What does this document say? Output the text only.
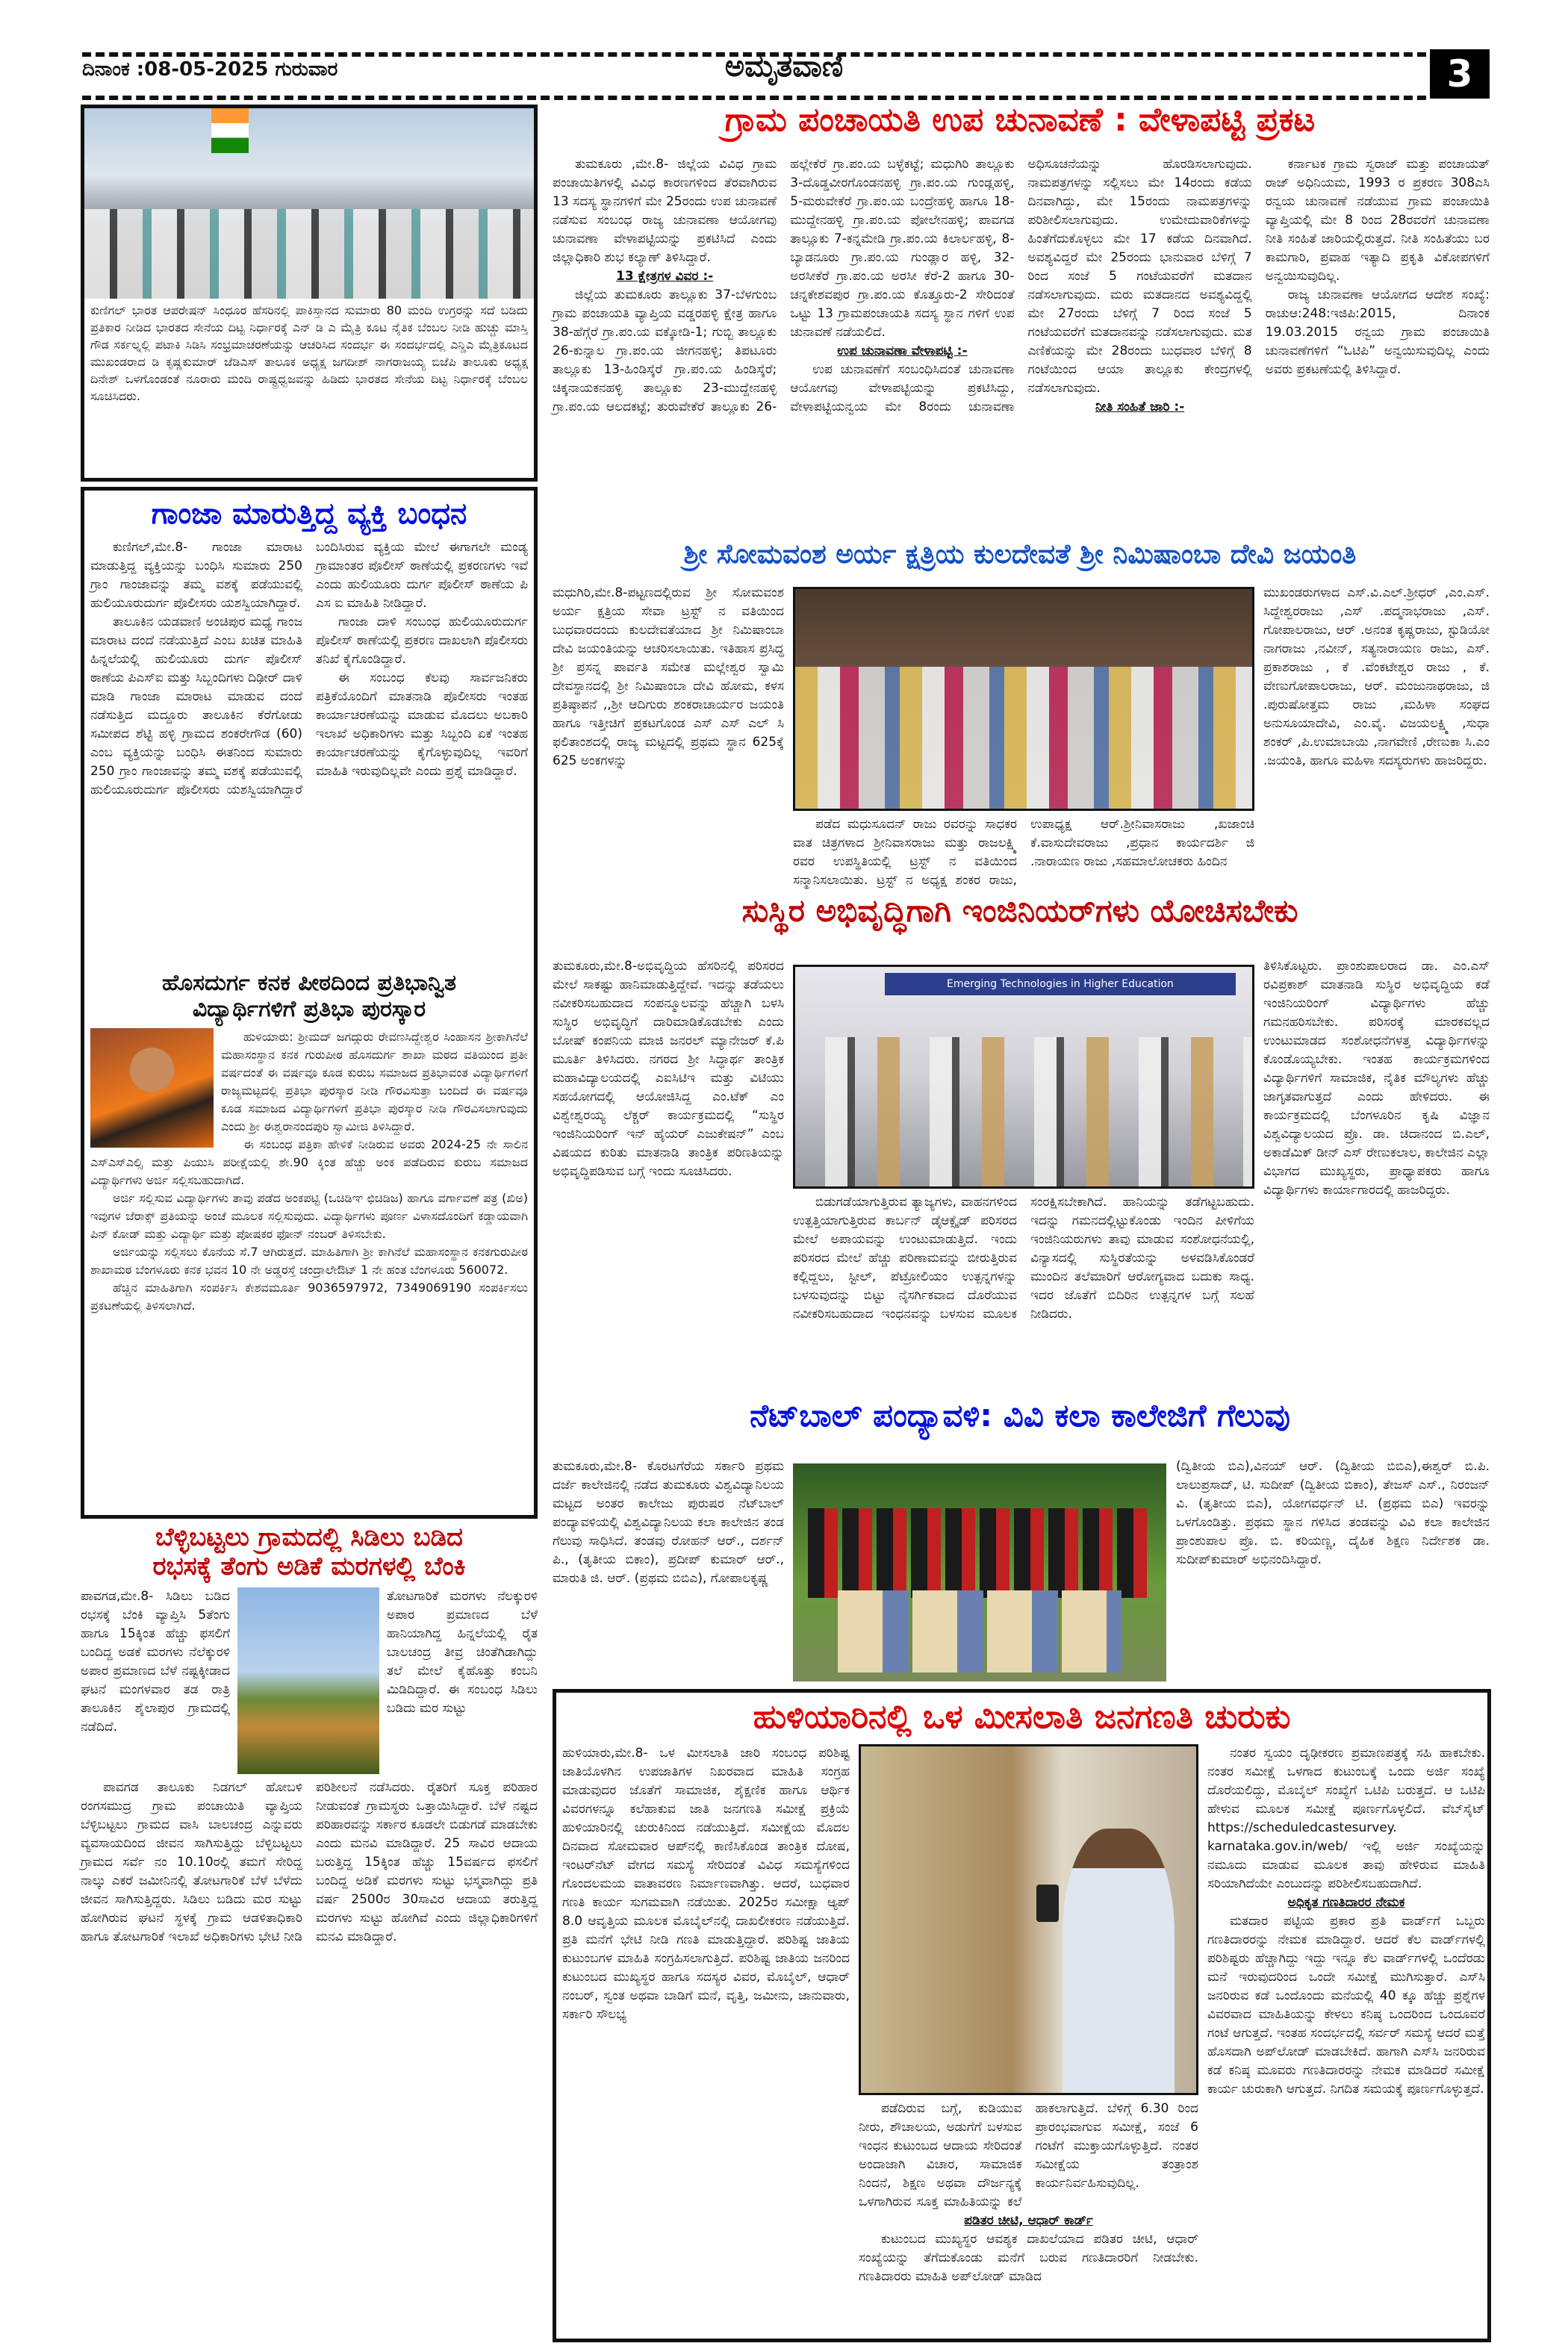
ದಿನಾಂಕ :08-05-2025 ಗುರುವಾರ	ಅಮೃತವಾಣಿ	3
ಕುಣಿಗಲ್ ಭಾರತ ಆಪರೇಷನ್ ಸಿಂಧೂರ ಹೆಸರಿನಲ್ಲಿ ಪಾಕಿಸ್ತಾನದ ಸುಮಾರು 80 ಮಂದಿ ಉಗ್ರರನ್ನು ಸದೆ ಬಡಿದು ಪ್ರತಿಕಾರ ನೀಡಿದ ಭಾರತದ ಸೇನೆಯ ದಿಟ್ಟ ನಿರ್ಧಾರಕ್ಕೆ ಎನ್ ಡಿ ಎ ಮೈತ್ರಿ ಕೂಟ ನೈತಿಕ ಬೆಂಬಲ ನೀಡಿ ಹುಚ್ಚು ಮಾಸ್ತಿ ಗೌಡ ಸರ್ಕಲ್ನಲ್ಲಿ ಪಟಾಕಿ ಸಿಡಿಸಿ ಸಂಭ್ರಮಾಚರಣೆಯನ್ನು ಆಚರಿಸಿದ ಸಂದರ್ಭ ಈ ಸಂದರ್ಭದಲ್ಲಿ ಎನ್ಡಿಎ ಮೈತ್ರಿಕೂಟದ ಮುಖಂಡರಾದ ಡಿ ಕೃಷ್ಣಕುಮಾರ್ ಜೆಡಿಎಸ್ ತಾಲೂಕ ಅಧ್ಯಕ್ಷ ಜಗದೀಶ್ ನಾಗರಾಜಯ್ಯ ಬಿಜೆಪಿ ತಾಲೂಕು ಅಧ್ಯಕ್ಷ ದಿನೇಶ್ ಒಳಗೊಂಡಂತೆ ನೂರಾರು ಮಂದಿ ರಾಷ್ಟ್ರಧ್ವಜವನ್ನು ಹಿಡಿದು ಭಾರತದ ಸೇನೆಯ ದಿಟ್ಟ ನಿರ್ಧಾರಕ್ಕೆ ಬೆಂಬಲ ಸೂಚಿಸಿದರು.
ಗಾಂಜಾ ಮಾರುತ್ತಿದ್ದ ವ್ಯಕ್ತಿ ಬಂಧನ

ಕುಣಿಗಲ್,ಮೇ.8- ಗಾಂಜಾ ಮಾರಾಟ ಮಾಡುತ್ತಿದ್ದ ವ್ಯಕ್ತಿಯನ್ನು ಬಂಧಿಸಿ ಸುಮಾರು 250 ಗ್ರಾಂ ಗಾಂಜಾವನ್ನು ತಮ್ಮ ವಶಕ್ಕೆ ಪಡೆಯುವಲ್ಲಿ ಹುಲಿಯೂರುದುರ್ಗ ಪೊಲೀಸರು ಯಶಸ್ವಿಯಾಗಿದ್ದಾರೆ.

ತಾಲೂಕಿನ ಯಡವಾಣಿ ಅಂಚಿಪುರ ಮಧ್ಯೆ ಗಾಂಜ ಮಾರಾಟ ದಂದೆ ನಡೆಯುತ್ತಿದೆ ಎಂಬ ಖಚಿತ ಮಾಹಿತಿ ಹಿನ್ನಲೆಯಲ್ಲಿ ಹುಲಿಯೂರು ದುರ್ಗ ಪೊಲೀಸ್ ಠಾಣೆಯ ಪಿಎಸ್ಐ ಮತ್ತು ಸಿಬ್ಬಂದಿಗಳು ದಿಢೀರ್ ದಾಳಿ ಮಾಡಿ ಗಾಂಜಾ ಮಾರಾಟ ಮಾಡುವ ದಂದೆ ನಡೆಸುತ್ತಿದ ಮದ್ದೂರು ತಾಲೂಕಿನ ಕೆರೆಗೋಡು ಸಮೀಪದ ಶೆಟ್ಟಿ ಹಳ್ಳಿ ಗ್ರಾಮದ ಶಂಕರೇಗೌಡ (60) ಎಂಬ ವ್ಯಕ್ತಿಯನ್ನು ಬಂಧಿಸಿ ಈತನಿಂದ ಸುಮಾರು 250 ಗ್ರಾಂ ಗಾಂಜಾವನ್ನು ತಮ್ಮ ವಶಕ್ಕೆ ಪಡೆಯುವಲ್ಲಿ ಹುಲಿಯೂರುದುರ್ಗ ಪೊಲೀಸರು ಯಶಸ್ವಿಯಾಗಿದ್ದಾರೆ ಬಂದಿಸಿರುವ ವ್ಯಕ್ತಿಯ ಮೇಲೆ ಈಗಾಗಲೇ ಮಂಡ್ಯ ಗ್ರಾಮಾಂತರ ಪೊಲೀಸ್ ಠಾಣೆಯಲ್ಲಿ ಪ್ರಕರಣಗಳು ಇವೆ ಎಂದು ಹುಲಿಯೂರು ದುರ್ಗ ಪೊಲೀಸ್ ಠಾಣೆಯ ಪಿ ಎಸ ಐ ಮಾಹಿತಿ ನೀಡಿದ್ದಾರೆ.

ಗಾಂಜಾ ದಾಳಿ ಸಂಬಂಧ ಹುಲಿಯೂರುದುರ್ಗ ಪೊಲೀಸ್ ಠಾಣೆಯಲ್ಲಿ ಪ್ರಕರಣ ದಾಖಲಾಗಿ ಪೊಲೀಸರು ತನಿಖೆ ಕೈಗೊಂಡಿದ್ದಾರೆ.

ಈ ಸಂಬಂಧ ಕೆಲವು ಸಾರ್ವಜನಿಕರು ಪತ್ರಿಕೆಯೊಂದಿಗೆ ಮಾತನಾಡಿ ಪೊಲೀಸರು ಇಂತಹ ಕಾರ್ಯಾಚರಣೆಯನ್ನು ಮಾಡುವ ಮೊದಲು ಅಬಕಾರಿ ಇಲಾಖೆ ಅಧಿಕಾರಿಗಳು ಮತ್ತು ಸಿಬ್ಬಂದಿ ಏಕೆ ಇಂತಹ ಕಾರ್ಯಾಚರಣೆಯನ್ನು ಕೈಗೊಳ್ಳುವುದಿಲ್ಲ ಇವರಿಗೆ ಮಾಹಿತಿ ಇರುವುದಿಲ್ಲವೇ ಎಂದು ಪ್ರಶ್ನೆ ಮಾಡಿದ್ದಾರೆ.

ಹೊಸದುರ್ಗ ಕನಕ ಪೀಠದಿಂದ ಪ್ರತಿಭಾನ್ವಿತ
ವಿದ್ಯಾರ್ಥಿಗಳಿಗೆ ಪ್ರತಿಭಾ ಪುರಸ್ಕಾರ

ಹುಳಿಯಾರು: ಶ್ರೀಮದ್ ಜಗದ್ಗುರು ರೇವಣಸಿದ್ದೇಶ್ವರ ಸಿಂಹಾಸನ ಶ್ರೀಕಾಗಿನೆಲೆ ಮಹಾಸಂಸ್ಥಾನ ಕನಕ ಗುರುಪೀಠ ಹೊಸದುರ್ಗ ಶಾಖಾ ಮಠದ ವತಿಯಿಂದ ಪ್ರತೀ ವರ್ಷದಂತೆ ಈ ವರ್ಷವೂ ಕೂಡ ಕುರುಬ ಸಮಾಜದ ಪ್ರತಿಭಾವಂತ ವಿದ್ಯಾರ್ಥಿಗಳಿಗೆ ರಾಜ್ಯಮಟ್ಟದಲ್ಲಿ ಪ್ರತಿಭಾ ಪುರಸ್ಕಾರ ನೀಡಿ ಗೌರವಿಸುತ್ತಾ ಬಂದಿದೆ ಈ ವರ್ಷವೂ ಕೂಡ ಸಮಾಜದ ವಿದ್ಯಾರ್ಥಿಗಳಿಗೆ ಪ್ರತಿಭಾ ಪುರಸ್ಕಾರ ನೀಡಿ ಗೌರವಿಸಲಾಗುವುದು ಎಂದು ಶ್ರೀ ಈಶ್ವರಾನಂದಪುರಿ ಸ್ವಾಮೀಜಿ ತಿಳಿಸಿದ್ದಾರೆ.

ಈ ಸಂಬಂಧ ಪತ್ರಿಕಾ ಹೇಳಿಕೆ ನೀಡಿರುವ ಅವರು 2024-25 ನೇ ಸಾಲಿನ ಎಸ್ಎಸ್ಎಲ್ಸಿ ಮತ್ತು ಪಿಯುಸಿ ಪರೀಕ್ಷೆಯಲ್ಲಿ ಶೇ.90 ಕ್ಕಿಂತ ಹೆಚ್ಚು ಅಂಕ ಪಡೆದಿರುವ ಕುರುಬ ಸಮಾಜದ ವಿದ್ಯಾರ್ಥಿಗಳು ಅರ್ಜಿ ಸಲ್ಲಿಸಬಹುದಾಗಿದೆ.

ಅರ್ಜಿ ಸಲ್ಲಿಸುವ ವಿದ್ಯಾರ್ಥಿಗಳು ತಾವು ಪಡೆದ ಅಂಕಪಟ್ಟಿ (ಒಚಿಡಿಞ ಛಿಚಿಡಿಜ) ಹಾಗೂ ವರ್ಗಾವಣೆ ಪತ್ರ (ಖಿಅ) ಇವುಗಳ ಜೆರಾಕ್ಸ್ ಪ್ರತಿಯನ್ನು ಅಂಚೆ ಮೂಲಕ ಸಲ್ಲಿಸುವುದು. ವಿದ್ಯಾರ್ಥಿಗಳು ಪೂರ್ಣ ವಿಳಾಸದೊಂದಿಗೆ ಕಡ್ಡಾಯವಾಗಿ ಪಿನ್ ಕೋಡ್ ಮತ್ತು ವಿದ್ಯಾರ್ಥಿ ಮತ್ತು ಪೋಷಕರ ಫೋನ್ ನಂಬರ್ ತಿಳಿಸಬೇಕು.

ಅರ್ಜಿಯನ್ನು ಸಲ್ಲಿಸಲು ಕೊನೆಯ ಸೆ.7 ಆಗಿರುತ್ತದೆ. ಮಾಹಿತಿಗಾಗಿ ಶ್ರೀ ಕಾಗಿನೆಲೆ ಮಹಾಸಂಸ್ಥಾನ ಕನಕಗುರುಪೀಠ ಶಾಖಾಮಠ ಬೆಂಗಳೂರು ಕನಕ ಭವನ 10 ನೇ ಅಡ್ಡರಸ್ತೆ ಚಂದ್ರಾಲೇಔಟ್ 1 ನೇ ಹಂತ ಬೆಂಗಳೂರು 560072.

ಹೆಚ್ಚಿನ ಮಾಹಿತಿಗಾಗಿ ಸಂಪರ್ಕಿಸಿ ಕೇಶವಮೂರ್ತಿ 9036597972, 7349069190 ಸಂಪರ್ಕಿಸಲು ಪ್ರಕಟಣೆಯಲ್ಲಿ ತಿಳಿಸಲಾಗಿದೆ.

ಬೆಳ್ಳಿಬಟ್ಟಲು ಗ್ರಾಮದಲ್ಲಿ ಸಿಡಿಲು ಬಡಿದ
ರಭಸಕ್ಕೆ ತೆಂಗು ಅಡಿಕೆ ಮರಗಳಲ್ಲಿ ಬೆಂಕಿ
ಪಾವಗಡ,ಮೇ.8- ಸಿಡಿಲು ಬಡಿದ ರಭಸಕ್ಕೆ ಬೆಂಕಿ ವ್ಯಾಪ್ತಿಸಿ 5ತೆಂಗು ಹಾಗೂ 15ಕ್ಕಿಂತ ಹೆಚ್ಚು ಫಸಲಿಗೆ ಬಂದಿದ್ದ ಅಡಕೆ ಮರಗಳು ನೆಲೆಕ್ಕುರಳಿ ಅಪಾರ ಪ್ರಮಾಣದ ಬೆಳೆ ನಷ್ಟಕ್ಕೀಡಾದ ಘಟನೆ ಮಂಗಳವಾರ ತಡ ರಾತ್ರಿ ತಾಲೂಕಿನ ಶೈಲಾಪುರ ಗ್ರಾಮದಲ್ಲಿ ನಡೆದಿದೆ.
ತೋಟಗಾರಿಕೆ ಮರಗಳು ನೆಲಕ್ಕುರಳಿ ಅಪಾರ ಪ್ರಮಾಣದ ಬೆಳೆ ಹಾನಿಯಾಗಿದ್ದ ಹಿನ್ನಲೆಯಲ್ಲಿ ರೈತ ಬಾಲಚಂದ್ರ ತೀವ್ರ ಚಿಂತೆಗಿಡಾಗಿದ್ದು ತಲೆ ಮೇಲೆ ಕೈಹೊತ್ತು ಕಂಬನಿ ಮಿಡಿದಿದ್ದಾರೆ. ಈ ಸಂಬಂಧ ಸಿಡಿಲು ಬಡಿದು ಮರ ಸುಟ್ಟು

ಪಾವಗಡ ತಾಲೂಕು ನಿಡಗಲ್ ಹೋಬಳಿ ರಂಗಸಮುದ್ರ ಗ್ರಾಮ ಪಂಚಾಯಿತಿ ವ್ಯಾಪ್ತಿಯ ಬೆಳ್ಳಿಬಟ್ಟಲು ಗ್ರಾಮದ ವಾಸಿ ಬಾಲಚಂದ್ರ ಎನ್ನುವರು ವ್ಯವಸಾಯದಿಂದ ಜೀವನ ಸಾಗಿಸುತ್ತಿದ್ದು ಬೆಳ್ಳಿಬಟ್ಟಲು ಗ್ರಾಮದ ಸರ್ವೆ ನಂ 10.10ರಲ್ಲಿ ತಮಗೆ ಸೇರಿದ್ದ ನಾಲ್ಕು ಎಕರೆ ಜಮೀನಿನಲ್ಲಿ ತೋಟಗಾರಿಕೆ ಬೆಳೆ ಬೆಳೆದು ಜೀವನ ಸಾಗಿಸುತ್ತಿದ್ದರು. ಸಿಡಿಲು ಬಡಿದು ಮರ ಸುಟ್ಟು ಹೋಗಿರುವ ಘಟನೆ ಸ್ಥಳಕ್ಕೆ ಗ್ರಾಮ ಆಡಳಿತಾಧಿಕಾರಿ ಹಾಗೂ ತೋಟಗಾರಿಕೆ ಇಲಾಖೆ ಅಧಿಕಾರಿಗಳು ಭೇಟಿ ನೀಡಿ ಪರಿಶೀಲನೆ ನಡೆಸಿದರು. ರೈತರಿಗೆ ಸೂಕ್ತ ಪರಿಹಾರ ನೀಡುವಂತೆ ಗ್ರಾಮಸ್ಥರು ಒತ್ತಾಯಿಸಿದ್ದಾರೆ. ಬೆಳೆ ನಷ್ಟದ ಪರಿಹಾರವನ್ನು ಸರ್ಕಾರ ಕೂಡಲೇ ಬಿಡುಗಡೆ ಮಾಡಬೇಕು ಎಂದು ಮನವಿ ಮಾಡಿದ್ದಾರೆ. 25 ಸಾವಿರ ಆದಾಯ ಬರುತ್ತಿದ್ದ 15ಕ್ಕಿಂತ ಹೆಚ್ಚು 15ವರ್ಷದ ಫಸಲಿಗೆ ಬಂದಿದ್ದ ಅಡಿಕೆ ಮರಗಳು ಸುಟ್ಟು ಭಸ್ಮವಾಗಿದ್ದು ಪ್ರತಿ ವರ್ಷ 2500ರ 30ಸಾವಿರ ಆದಾಯ ತರುತ್ತಿದ್ದ ಮರಗಳು ಸುಟ್ಟು ಹೋಗಿವೆ ಎಂದು ಜಿಲ್ಲಾಧಿಕಾರಿಗಳಿಗೆ ಮನವಿ ಮಾಡಿದ್ದಾರೆ.

ಗ್ರಾಮ ಪಂಚಾಯತಿ ಉಪ ಚುನಾವಣೆ : ವೇಳಾಪಟ್ಟಿ ಪ್ರಕಟ

ತುಮಕೂರು ,ಮೇ.8- ಜಿಲ್ಲೆಯ ವಿವಿಧ ಗ್ರಾಮ ಪಂಚಾಯಿತಿಗಳಲ್ಲಿ ವಿವಿಧ ಕಾರಣಗಳಿಂದ ತೆರವಾಗಿರುವ 13 ಸದಸ್ಯ ಸ್ಥಾನಗಳಿಗೆ ಮೇ 25ರಂದು ಉಪ ಚುನಾವಣೆ ನಡೆಸುವ ಸಂಬಂಧ ರಾಜ್ಯ ಚುನಾವಣಾ ಆಯೋಗವು ಚುನಾವಣಾ ವೇಳಾಪಟ್ಟಿಯನ್ನು ಪ್ರಕಟಿಸಿದೆ ಎಂದು ಜಿಲ್ಲಾಧಿಕಾರಿ ಶುಭ ಕಲ್ಯಾಣ್ ತಿಳಿಸಿದ್ದಾರೆ.

13 ಕ್ಷೇತ್ರಗಳ ವಿವರ :-

ಜಿಲ್ಲೆಯ ತುಮಕೂರು ತಾಲ್ಲೂಕು 37-ಬೆಳಗುಂಬ ಗ್ರಾಮ ಪಂಚಾಯತಿ ವ್ಯಾಪ್ತಿಯ ವಡ್ಡರಹಳ್ಳಿ ಕ್ಷೇತ್ರ ಹಾಗೂ 38-ಹೆಗ್ಗೆರೆ ಗ್ರಾ.ಪಂ.ಯ ವಕ್ಕೋಡಿ-1; ಗುಬ್ಬಿ ತಾಲ್ಲೂಕು 26-ಕುನ್ನಾಲ ಗ್ರಾ.ಪಂ.ಯ ಜೀಗನಹಳ್ಳಿ; ತಿಪಟೂರು ತಾಲ್ಲೂಕು 13-ಹಿಂಡಿಸ್ಕೆರೆ ಗ್ರಾ.ಪಂ.ಯ ಹಿಂಡಿಸ್ಕೆರೆ; ಚಿಕ್ಕನಾಯಕನಹಳ್ಳಿ ತಾಲ್ಲೂಕು 23-ಮುದ್ದೇನಹಳ್ಳಿ ಗ್ರಾ.ಪಂ.ಯ ಆಲದಕಟ್ಟೆ; ತುರುವೇಕೆರೆ ತಾಲ್ಲೂಕು 26-ಹಲ್ಲೇಕೆರೆ ಗ್ರಾ.ಪಂ.ಯ ಬಳ್ಳೆಕಟ್ಟೆ; ಮಧುಗಿರಿ ತಾಲ್ಲೂಕು 3-ದೊಡ್ಡವೀರಗೊಂಡನಹಳ್ಳಿ ಗ್ರಾ.ಪಂ.ಯ ಗುಂಡ್ಲಹಳ್ಳಿ, 5-ಮರುವೇಕೆರೆ ಗ್ರಾ.ಪಂ.ಯ ಬಂದ್ರೇಹಳ್ಳಿ ಹಾಗೂ 18-ಮುದ್ದೇನಹಳ್ಳಿ ಗ್ರಾ.ಪಂ.ಯ ಪೋಲೇನಹಳ್ಳಿ; ಪಾವಗಡ ತಾಲ್ಲೂಕು 7-ಕನ್ನಮೇಡಿ ಗ್ರಾ.ಪಂ.ಯ ಕಿಲಾರ್ಲಹಳ್ಳಿ, 8-ಬ್ಯಾಡನೂರು ಗ್ರಾ.ಪಂ.ಯ ಗುಂಡ್ಲಾರ ಹಳ್ಳಿ, 32-ಅರಸೀಕೆರೆ ಗ್ರಾ.ಪಂ.ಯ ಅರಸೀ ಕೆರೆ-2 ಹಾಗೂ 30-ಚನ್ನಕೇಶವಪುರ ಗ್ರಾ.ಪಂ.ಯ ಕೊತ್ತೂರು-2 ಸೇರಿದಂತೆ ಒಟ್ಟು 13 ಗ್ರಾಮಪಂಚಾಯತಿ ಸದಸ್ಯ ಸ್ಥಾನ ಗಳಿಗೆ ಉಪ ಚುನಾವಣೆ ನಡೆಯಲಿದೆ.

ಉಪ ಚುನಾವಣಾ ವೇಳಾಪಟ್ಟಿ :-

ಉಪ ಚುನಾವಣೆಗೆ ಸಂಬಂಧಿಸಿದಂತೆ ಚುನಾವಣಾ ಆಯೋಗವು ವೇಳಾಪಟ್ಟಿಯನ್ನು ಪ್ರಕಟಿಸಿದ್ದು, ವೇಳಾಪಟ್ಟಿಯನ್ವಯ ಮೇ 8ರಂದು ಚುನಾವಣಾ ಅಧಿಸೂಚನೆಯನ್ನು ಹೊರಡಿಸಲಾಗುವುದು. ನಾಮಪತ್ರಗಳನ್ನು ಸಲ್ಲಿಸಲು ಮೇ 14ರಂದು ಕಡೆಯ ದಿನವಾಗಿದ್ದು, ಮೇ 15ರಂದು ನಾಮಪತ್ರಗಳನ್ನು ಪರಿಶೀಲಿಸಲಾಗುವುದು. ಉಮೇದುವಾರಿಕೆಗಳನ್ನು ಹಿಂತೆಗೆದುಕೊಳ್ಳಲು ಮೇ 17 ಕಡೆಯ ದಿನವಾಗಿದೆ. ಅವಶ್ಯವಿದ್ದರೆ ಮೇ 25ರಂದು ಭಾನುವಾರ ಬೆಳಿಗ್ಗೆ 7 ರಿಂದ ಸಂಜೆ 5 ಗಂಟೆಯವರೆಗೆ ಮತದಾನ ನಡೆಸಲಾಗುವುದು. ಮರು ಮತದಾನದ ಅವಶ್ಯವಿದ್ದಲ್ಲಿ ಮೇ 27ರಂದು ಬೆಳಿಗ್ಗೆ 7 ರಿಂದ ಸಂಜೆ 5 ಗಂಟೆಯವರೆಗೆ ಮತದಾನವನ್ನು ನಡೆಸಲಾಗುವುದು. ಮತ ಎಣಿಕೆಯನ್ನು ಮೇ 28ರಂದು ಬುಧವಾರ ಬೆಳಿಗ್ಗೆ 8 ಗಂಟೆಯಿಂದ ಆಯಾ ತಾಲ್ಲೂಕು ಕೇಂದ್ರಗಳಲ್ಲಿ ನಡೆಸಲಾಗುವುದು.

ನೀತಿ ಸಂಹಿತೆ ಜಾರಿ :-

ಕರ್ನಾಟಕ ಗ್ರಾಮ ಸ್ವರಾಜ್ ಮತ್ತು ಪಂಚಾಯತ್ ರಾಜ್ ಅಧಿನಿಯಮ, 1993 ರ ಪ್ರಕರಣ 308ಎಸಿ ರನ್ವಯ ಚುನಾವಣೆ ನಡೆಯುವ ಗ್ರಾಮ ಪಂಚಾಯಿತಿ ವ್ಯಾಪ್ತಿಯಲ್ಲಿ ಮೇ 8 ರಿಂದ 28ರವರೆಗೆ ಚುನಾವಣಾ ನೀತಿ ಸಂಹಿತೆ ಜಾರಿಯಲ್ಲಿರುತ್ತದೆ. ನೀತಿ ಸಂಹಿತೆಯು ಬರ ಕಾಮಗಾರಿ, ಪ್ರವಾಹ ಇತ್ಯಾದಿ ಪ್ರಕೃತಿ ವಿಕೋಪಗಳಿಗೆ ಅನ್ವಯಿಸುವುದಿಲ್ಲ.

ರಾಜ್ಯ ಚುನಾವಣಾ ಆಯೋಗದ ಆದೇಶ ಸಂಖ್ಯೆ: ರಾಚುಆ:248:ಇಜಿಪಿ:2015, ದಿನಾಂಕ 19.03.2015 ರನ್ವಯ ಗ್ರಾಮ ಪಂಚಾಯಿತಿ ಚುನಾವಣೆಗಳಿಗೆ “ಓಟಿಪಿ” ಅನ್ವಯಿಸುವುದಿಲ್ಲ ಎಂದು ಅವರು ಪ್ರಕಟಣೆಯಲ್ಲಿ ತಿಳಿಸಿದ್ದಾರೆ.

ಶ್ರೀ ಸೋಮವಂಶ ಅರ್ಯ ಕ್ಷತ್ರಿಯ ಕುಲದೇವತೆ ಶ್ರೀ ನಿಮಿಷಾಂಬಾ ದೇವಿ ಜಯಂತಿ
ಮಧುಗಿರಿ,ಮೇ.8-ಪಟ್ಟಣದಲ್ಲಿರುವ ಶ್ರೀ ಸೋಮವಂಶ ಅರ್ಯ ಕ್ಷತ್ರಿಯ ಸೇವಾ ಟ್ರಸ್ಟ್ ನ ವತಿಯಿಂದ ಬುಧವಾರದಂದು ಕುಲದೇವತೆಯಾದ ಶ್ರೀ ನಿಮಿಷಾಂಬಾ ದೇವಿ ಜಯಂತಿಯನ್ನು ಆಚರಿಸಲಾಯಿತು. ಇತಿಹಾಸ ಪ್ರಸಿದ್ಧ ಶ್ರೀ ಪ್ರಸನ್ನ ಪಾರ್ವತಿ ಸಮೇತ ಮಲ್ಲೇಶ್ವರ ಸ್ವಾಮಿ ದೇವಸ್ಥಾನದಲ್ಲಿ ಶ್ರೀ ನಿಮಿಷಾಂಬಾ ದೇವಿ ಹೋಮ, ಕಳಸ ಪ್ರತಿಷ್ಠಾಪನೆ ,,ಶ್ರೀ ಆದಿಗುರು ಶಂಕರಾಚಾರ್ಯರ ಜಯಂತಿ ಹಾಗೂ ಇತ್ತೀಚಿಗೆ ಪ್ರಕಟಗೊಂಡ ಎಸ್ ಎಸ್ ಎಲ್ ಸಿ ಫಲಿತಾಂಶದಲ್ಲಿ ರಾಜ್ಯ ಮಟ್ಟದಲ್ಲಿ ಪ್ರಥಮ ಸ್ಥಾನ 625ಕ್ಕೆ 625 ಅಂಕಗಳನ್ನು

ಪಡೆದ ಮಧುಸೂದನ್ ರಾಜು ರವರನ್ನು ಸಾಧಕರ ವಾತ ಚಿತ್ರಗಳಾದ ಶ್ರೀನಿವಾಸರಾಜು ಮತ್ತು ರಾಜಲಕ್ಷ್ಮಿ ರವರ ಉಪಸ್ಥಿತಿಯಲ್ಲಿ ಟ್ರಸ್ಟ್ ನ ವತಿಯಿಂದ ಸನ್ಮಾನಿಸಲಾಯಿತು. ಟ್ರಸ್ಟ್ ನ ಅಧ್ಯಕ್ಷ ಶಂಕರ ರಾಜು, ಉಪಾಧ್ಯಕ್ಷ ಆರ್.ಶ್ರೀನಿವಾಸರಾಜು ,ಖಜಾಂಚಿ ಕೆ.ವಾಸುದೇವರಾಜು ,ಪ್ರಧಾನ ಕಾರ್ಯದರ್ಶಿ ಜಿ .ನಾರಾಯಣ ರಾಜು ,ಸಹಮಾಲೋಚಕರು ಹಿಂದಿನ

ಮುಖಂಡರುಗಳಾದ ಎಸ್.ವಿ.ಎಲ್.ಶ್ರೀಧರ್ ,ಎಂ.ಎಸ್. ಸಿದ್ದೇಶ್ವರರಾಜು ,ಎಸ್ .ಪದ್ಮನಾಭರಾಜು ,ಎಸ್. ಗೋಪಾಲರಾಜು, ಆರ್ .ಅನಂತ ಕೃಷ್ಣರಾಜು, ಸ್ಟುಡಿಯೋ ನಾಗರಾಜು ,ನವೀನ್, ಸತ್ಯನಾರಾಯಣ ರಾಜು, ಎಸ್. ಪ್ರಕಾಶರಾಜು , ಕೆ .ವೆಂಕಟೇಶ್ವರ ರಾಜು , ಕೆ. ವೇಣುಗೋಪಾಲರಾಜು, ಆರ್. ಮಂಜುನಾಥರಾಜು, ಜಿ .ಪುರುಷೋತ್ತಮ ರಾಜು ,ಮಹಿಳಾ ಸಂಘದ ಅನುಸೂಯಾದೇವಿ, ಎಂ.ವೈ. ವಿಜಯಲಕ್ಷ್ಮಿ ,ಸುಧಾ ಶಂಕರ್ ,ಪಿ.ಉಮಾಬಾಯಿ ,ನಾಗವೇಣಿ ,ರೇಣುಕಾ ಸಿ.ಎಂ .ಜಯಂತಿ, ಹಾಗೂ ಮಹಿಳಾ ಸದಸ್ಯರುಗಳು ಹಾಜರಿದ್ದರು.
ಸುಸ್ಥಿರ ಅಭಿವೃದ್ಧಿಗಾಗಿ ಇಂಜಿನಿಯರ್‌ಗಳು ಯೋಚಿಸಬೇಕು
ತುಮಕೂರು,ಮೇ.8-ಅಭಿವೃದ್ಧಿಯ ಹೆಸರಿನಲ್ಲಿ ಪರಿಸರದ ಮೇಲೆ ಸಾಕಷ್ಟು ಹಾನಿಮಾಡುತ್ತಿದ್ದೇವೆ. ಇದನ್ನು ತಡೆಯಲು ನವೀಕರಿಸಬಹುದಾದ ಸಂಪನ್ಮೂಲವನ್ನು ಹೆಚ್ಚಾಗಿ ಬಳಸಿ ಸುಸ್ಥಿರ ಅಭಿವೃದ್ಧಿಗೆ ದಾರಿಮಾಡಿಕೊಡಬೇಕು ಎಂದು ಬೋಷ್ ಕಂಪನಿಯ ಮಾಜಿ ಜನರಲ್ ಮ್ಯಾನೇಜರ್ ಕೆ.ಪಿ ಮೂರ್ತಿ ತಿಳಿಸಿದರು. ನಗರದ ಶ್ರೀ ಸಿದ್ಧಾರ್ಥ ತಾಂತ್ರಿಕ ಮಹಾವಿದ್ಯಾಲಯದಲ್ಲಿ ಎಐಸಿಟಿಇ ಮತ್ತು ವಿಟಿಯು ಸಹಯೋಗದಲ್ಲಿ ಆಯೋಜಿಸಿದ್ದ ಎಂ.ಟೆಕ್ ಎಂ ವಿಶ್ವೇಶ್ವರಯ್ಯ ಲೆಕ್ಚರ್ ಕಾರ್ಯಕ್ರಮದಲ್ಲಿ “ಸುಸ್ಥಿರ ಇಂಜಿನಿಯರಿಂಗ್ ಇನ್ ಹೈಯರ್ ಎಜುಕೇಷನ್” ಎಂಬ ವಿಷಯದ ಕುರಿತು ಮಾತನಾಡಿ ತಾಂತ್ರಿಕ ಪರಿಣತಿಯನ್ನು ಅಭಿವೃದ್ಧಿಪಡಿಸುವ ಬಗ್ಗೆ ಇಂದು ಸೂಚಿಸಿದರು.
Emerging Technologies in Higher Education

ಬಿಡುಗಡೆಯಾಗುತ್ತಿರುವ ತ್ಯಾಜ್ಯಗಳು, ವಾಹನಗಳಿಂದ ಉತ್ಪತ್ತಿಯಾಗುತ್ತಿರುವ ಕಾರ್ಬನ್ ಡೈಆಕ್ಸೈಡ್ ಪರಿಸರದ ಮೇಲೆ ಅಪಾಯವನ್ನು ಉಂಟುಮಾಡುತ್ತಿದೆ. ಇಂದು ಪರಿಸರದ ಮೇಲೆ ಹೆಚ್ಚು ಪರಿಣಾಮವನ್ನು ಬೀರುತ್ತಿರುವ ಕಲ್ಲಿದ್ದಲು, ಸ್ಟೀಲ್, ಪೆಟ್ರೋಲಿಯಂ ಉತ್ಪನ್ನಗಳನ್ನು ಬಳಸುವುದನ್ನು ಬಿಟ್ಟು ನೈಸರ್ಗಿಕವಾದ ದೊರೆಯುವ ನವೀಕರಿಸಬಹುದಾದ ಇಂಧನವನ್ನು ಬಳಸುವ ಮೂಲಕ ಸಂರಕ್ಷಿಸಬೇಕಾಗಿದೆ. ಹಾನಿಯನ್ನು ತಡೆಗಟ್ಟಬಹುದು. ಇದನ್ನು ಗಮನದಲ್ಲಿಟ್ಟುಕೊಂಡು ಇಂದಿನ ಪೀಳಿಗೆಯ ಇಂಜಿನಿಯರುಗಳು ತಾವು ಮಾಡುವ ಸಂಶೋಧನೆಯಲ್ಲಿ, ವಿನ್ಯಾಸದಲ್ಲಿ ಸುಸ್ಥಿರತೆಯನ್ನು ಅಳವಡಿಸಿಕೊಂಡರೆ ಮುಂದಿನ ತಲೆಮಾರಿಗೆ ಆರೋಗ್ಯವಾದ ಬದುಕು ಸಾಧ್ಯ. ಇದರ ಜೊತೆಗೆ ಬಿದಿರಿನ ಉತ್ಪನ್ನಗಳ ಬಗ್ಗೆ ಸಲಹೆ ನೀಡಿದರು.

ತಿಳಿಸಿಕೊಟ್ಟರು. ಪ್ರಾಂಶುಪಾಲರಾದ ಡಾ. ಎಂ.ಎಸ್ ರವಿಪ್ರಕಾಶ್ ಮಾತನಾಡಿ ಸುಸ್ಥಿರ ಅಭಿವೃದ್ಧಿಯ ಕಡೆ ಇಂಜಿನಿಯರಿಂಗ್ ವಿದ್ಯಾರ್ಥಿಗಳು ಹೆಚ್ಚು ಗಮನಹರಿಸಬೇಕು. ಪರಿಸರಕ್ಕೆ ಮಾರಕವಲ್ಲದ ಉಂಟುಮಾಡದ ಸಂಶೋಧನೆಗಳತ್ತ ವಿದ್ಯಾರ್ಥಿಗಳನ್ನು ಕೊಂಡೊಯ್ಯಬೇಕು. ಇಂತಹ ಕಾರ್ಯಕ್ರಮಗಳಿಂದ ವಿದ್ಯಾರ್ಥಿಗಳಿಗೆ ಸಾಮಾಜಿಕ, ನೈತಿಕ ಮೌಲ್ಯಗಳು ಹೆಚ್ಚು ಜಾಗೃತವಾಗುತ್ತದೆ ಎಂದು ಹೇಳಿದರು. ಈ ಕಾರ್ಯಕ್ರಮದಲ್ಲಿ ಬೆಂಗಳೂರಿನ ಕೃಷಿ ವಿಜ್ಞಾನ ವಿಶ್ವವಿದ್ಯಾಲಯದ ಪ್ರೊ. ಡಾ. ಚಿದಾನಂದ ಬಿ.ಎಲ್, ಅಕಾಡೆಮಿಕ್ ಡೀನ್ ಎಸ್ ರೇಣುಕಲಾಲ, ಕಾಲೇಜಿನ ಎಲ್ಲಾ ವಿಭಾಗದ ಮುಖ್ಯಸ್ಥರು, ಪ್ರಾಧ್ಯಾಪಕರು ಹಾಗೂ ವಿದ್ಯಾರ್ಥಿಗಳು ಕಾರ್ಯಾಗಾರದಲ್ಲಿ ಹಾಜರಿದ್ದರು.
ನೆಟ್‌ಬಾಲ್ ಪಂದ್ಯಾವಳಿ: ವಿವಿ ಕಲಾ ಕಾಲೇಜಿಗೆ ಗೆಲುವು
ತುಮಕೂರು,ಮೇ.8- ಕೊರಟಗೆರೆಯ ಸರ್ಕಾರಿ ಪ್ರಥಮ ದರ್ಜೆ ಕಾಲೇಜಿನಲ್ಲಿ ನಡೆದ ತುಮಕೂರು ವಿಶ್ವವಿದ್ಯಾನಿಲಯ ಮಟ್ಟದ ಅಂತರ ಕಾಲೇಜು ಪುರುಷರ ನೆಟ್‌ಬಾಲ್ ಪಂದ್ಯಾವಳಿಯಲ್ಲಿ ವಿಶ್ವವಿದ್ಯಾನಿಲಯ ಕಲಾ ಕಾಲೇಜಿನ ತಂಡ ಗೆಲುವು ಸಾಧಿಸಿದೆ. ತಂಡವು ರೋಹನ್ ಆರ್., ದರ್ಶನ್ ಪಿ., (ತೃತೀಯ ಬಿಕಾಂ), ಪ್ರದೀಪ್ ಕುಮಾರ್ ಆರ್., ಮಾರುತಿ ಜಿ. ಆರ್. (ಪ್ರಥಮ ಬಿಬಿಎ), ಗೋಪಾಲಕೃಷ್ಣ
(ದ್ವಿತೀಯ ಬಿಎ),ವಿನಯ್ ಆರ್. (ದ್ವಿತೀಯ ಬಿಬಿಎ),ಈಶ್ವರ್ ಬಿ.ಪಿ. ಲಾಲುಪ್ರಸಾದ್, ಟಿ. ಸುದೀಪ್ (ದ್ವಿತೀಯ ಬಿಕಾಂ), ತೇಜಸ್ ಎಸ್., ನಿರಂಜನ್ ವಿ. (ತೃತೀಯ ಬಿಎ), ಯೋಗವರ್ಧನ್ ಟಿ. (ಪ್ರಥಮ ಬಿಎ) ಇವರನ್ನು ಒಳಗೊಂಡಿತ್ತು. ಪ್ರಥಮ ಸ್ಥಾನ ಗಳಿಸಿದ ತಂಡವನ್ನು ವಿವಿ ಕಲಾ ಕಾಲೇಜಿನ ಪ್ರಾಂಶುಪಾಲ ಪ್ರೊ. ಬಿ. ಕರಿಯಣ್ಣ, ದೈಹಿಕ ಶಿಕ್ಷಣ ನಿರ್ದೇಶಕ ಡಾ. ಸುದೀಪ್‌ಕುಮಾರ್ ಅಭಿನಂದಿಸಿದ್ದಾರೆ.
ಹುಳಿಯಾರಿನಲ್ಲಿ ಒಳ ಮೀಸಲಾತಿ ಜನಗಣತಿ ಚುರುಕು
ಹುಳಿಯಾರು,ಮೇ.8- ಒಳ ಮೀಸಲಾತಿ ಜಾರಿ ಸಂಬಂಧ ಪರಿಶಿಷ್ಟ ಜಾತಿಯೊಳಗಿನ ಉಪಜಾತಿಗಳ ನಿಖರವಾದ ಮಾಹಿತಿ ಸಂಗ್ರಹ ಮಾಡುವುದರ ಜೊತೆಗೆ ಸಾಮಾಜಿಕ, ಶೈಕ್ಷಣಿಕ ಹಾಗೂ ಆರ್ಥಿಕ ವಿವರಗಳನ್ನೂ ಕಲೆಹಾಕುವ ಜಾತಿ ಜನಗಣತಿ ಸಮೀಕ್ಷೆ ಪ್ರಕ್ರಿಯೆ ಹುಳಿಯಾರಿನಲ್ಲಿ ಚುರುಕಿನಿಂದ ನಡೆಯುತ್ತಿದೆ. ಸಮೀಕ್ಷೆಯ ಮೊದಲ ದಿನವಾದ ಸೋಮವಾರ ಆಪ್‌ನಲ್ಲಿ ಕಾಣಿಸಿಕೊಂಡ ತಾಂತ್ರಿಕ ದೋಷ, ಇಂಟರ್‌ನೆಟ್ ವೇಗದ ಸಮಸ್ಯೆ ಸೇರಿದಂತೆ ವಿವಿಧ ಸಮಸ್ಯೆಗಳಿಂದ ಗೊಂದಲಮಯ ವಾತಾವರಣ ನಿರ್ಮಾಣವಾಗಿತ್ತು. ಆದರೆ, ಬುಧವಾರ ಗಣತಿ ಕಾರ್ಯ ಸುಗಮವಾಗಿ ನಡೆಯಿತು. 2025ರ ಸಮೀಕ್ಷಾ ಆ್ಯಪ್ 8.0 ಆವೃತ್ತಿಯ ಮೂಲಕ ಮೊಬೈಲ್‌ನಲ್ಲಿ ದಾಖಲೀಕರಣ ನಡೆಯುತ್ತಿದೆ. ಪ್ರತಿ ಮನೆಗೆ ಭೇಟಿ ನೀಡಿ ಗಣತಿ ಮಾಡುತ್ತಿದ್ದಾರೆ. ಪರಿಶಿಷ್ಟ ಜಾತಿಯ ಕುಟುಂಬಗಳ ಮಾಹಿತಿ ಸಂಗ್ರಹಿಸಲಾಗುತ್ತಿದೆ. ಪರಿಶಿಷ್ಟ ಜಾತಿಯ ಜನರಿಂದ ಕುಟುಂಬದ ಮುಖ್ಯಸ್ಥರ ಹಾಗೂ ಸದಸ್ಯರ ವಿವರ, ಮೊಬೈಲ್, ಆಧಾರ್ ನಂಬರ್, ಸ್ವಂತ ಅಥವಾ ಬಾಡಿಗೆ ಮನೆ, ವೃತ್ತಿ, ಜಮೀನು, ಜಾನುವಾರು, ಸರ್ಕಾರಿ ಸೌಲಭ್ಯ

ಪಡೆದಿರುವ ಬಗ್ಗೆ, ಕುಡಿಯುವ ನೀರು, ಶೌಚಾಲಯ, ಅಡುಗೆಗೆ ಬಳಸುವ ಇಂಧನ ಕುಟುಂಬದ ಆದಾಯ ಸೇರಿದಂತೆ ಅಂದಾಜಾಗಿ ವಿಚಾರ, ಸಾಮಾಜಿಕ ನಿಂದನೆ, ಶಿಕ್ಷಣ ಅಥವಾ ದೌರ್ಜನ್ಯಕ್ಕೆ ಒಳಗಾಗಿರುವ ಸೂಕ್ತ ಮಾಹಿತಿಯನ್ನು ಕಲೆ ಹಾಕಲಾಗುತ್ತಿದೆ. ಬೆಳಿಗ್ಗೆ 6.30 ರಿಂದ ಪ್ರಾರಂಭವಾಗುವ ಸಮೀಕ್ಷೆ, ಸಂಜೆ 6 ಗಂಟೆಗೆ ಮುಕ್ತಾಯಗೊಳ್ಳುತ್ತಿದೆ. ನಂತರ ಸಮೀಕ್ಷೆಯ ತಂತ್ರಾಂಶ ಕಾರ್ಯನಿರ್ವಹಿಸುವುದಿಲ್ಲ.

ಪಡಿತರ ಚೀಟಿ, ಆಧಾರ್ ಕಾರ್ಡ್

ಕುಟುಂಬದ ಮುಖ್ಯಸ್ಥರ ಆವಶ್ಯಕ ದಾಖಲೆಯಾದ ಪಡಿತರ ಚೀಟಿ, ಆಧಾರ್ ಸಂಖ್ಯೆಯನ್ನು ತೆಗೆದುಕೊಂಡು ಮನೆಗೆ ಬರುವ ಗಣತಿದಾರರಿಗೆ ನೀಡಬೇಕು. ಗಣತಿದಾರರು ಮಾಹಿತಿ ಅಪ್‌ಲೋಡ್ ಮಾಡಿದ

ನಂತರ ಸ್ವಯಂ ದೃಢೀಕರಣ ಪ್ರಮಾಣಪತ್ರಕ್ಕೆ ಸಹಿ ಹಾಕಬೇಕು. ನಂತರ ಸಮೀಕ್ಷೆ ಒಳಗಾದ ಕುಟುಂಬಕ್ಕೆ ಒಂದು ಅರ್ಜಿ ಸಂಖ್ಯೆ ದೊರೆಯಲಿದ್ದು, ಮೊಬೈಲ್ ಸಂಖ್ಯೆಗೆ ಒಟಿಪಿ ಬರುತ್ತದೆ. ಆ ಒಟಿಪಿ ಹೇಳುವ ಮೂಲಕ ಸಮೀಕ್ಷೆ ಪೂರ್ಣಗೊಳ್ಳಲಿದೆ. ವೆಬ್‌ಸೈಟ್ https://scheduledcastesurvey. karnataka.gov.in/web/ ಇಲ್ಲಿ ಅರ್ಜಿ ಸಂಖ್ಯೆಯನ್ನು ನಮೂದು ಮಾಡುವ ಮೂಲಕ ತಾವು ಹೇಳಿರುವ ಮಾಹಿತಿ ಸರಿಯಾಗಿದೆಯೇ ಎಂಬುದನ್ನು ಪರಿಶೀಲಿಸಬಹುದಾಗಿದೆ.

ಅಧಿಕೃತ ಗಣತಿದಾರರ ನೇಮಕ

ಮತದಾರ ಪಟ್ಟಿಯ ಪ್ರಕಾರ ಪ್ರತಿ ವಾರ್ಡ್‌ಗೆ ಒಬ್ಬರು ಗಣತಿದಾರರನ್ನು ನೇಮಕ ಮಾಡಿದ್ದಾರೆ. ಆದರೆ ಕೆಲ ವಾರ್ಡ್‌ಗಳಲ್ಲಿ ಪರಿಶಿಷ್ಟರು ಹೆಚ್ಚಾಗಿದ್ದು ಇದ್ದು ಇನ್ನೂ ಕೆಲ ವಾರ್ಡ್‌ಗಳಲ್ಲಿ ಒಂದೆರಡು ಮನೆ ಇರುವುದರಿಂದ ಒಂದೇ ಸಮೀಕ್ಷೆ ಮುಗಿಸುತ್ತಾರೆ. ಎಸ್‌ಸಿ ಜನರಿರುವ ಕಡೆ ಒಂದೊಂದು ಮನೆಯಲ್ಲಿ 40 ಕ್ಕೂ ಹೆಚ್ಚು ಪ್ರಶ್ನೆಗಳ ವಿವರವಾದ ಮಾಹಿತಿಯನ್ನು ಕೇಳಲು ಕನಿಷ್ಠ ಒಂದರಿಂದ ಒಂದೂವರೆ ಗಂಟೆ ಆಗುತ್ತದೆ. ಇಂತಹ ಸಂದರ್ಭದಲ್ಲಿ ಸರ್ವರ್ ಸಮಸ್ಯೆ ಆದರೆ ಮತ್ತೆ ಹೊಸದಾಗಿ ಅಪ್‌ಲೋಡ್ ಮಾಡಬೇಕಿದೆ. ಹಾಗಾಗಿ ಎಸ್‌ಸಿ ಜನರಿರುವ ಕಡೆ ಕನಿಷ್ಠ ಮೂವರು ಗಣತಿದಾರರನ್ನು ನೇಮಕ ಮಾಡಿದರೆ ಸಮೀಕ್ಷೆ ಕಾರ್ಯ ಚುರುಕಾಗಿ ಆಗುತ್ತದೆ. ನಿಗದಿತ ಸಮಯಕ್ಕೆ ಪೂರ್ಣಗೊಳ್ಳುತ್ತದೆ.
